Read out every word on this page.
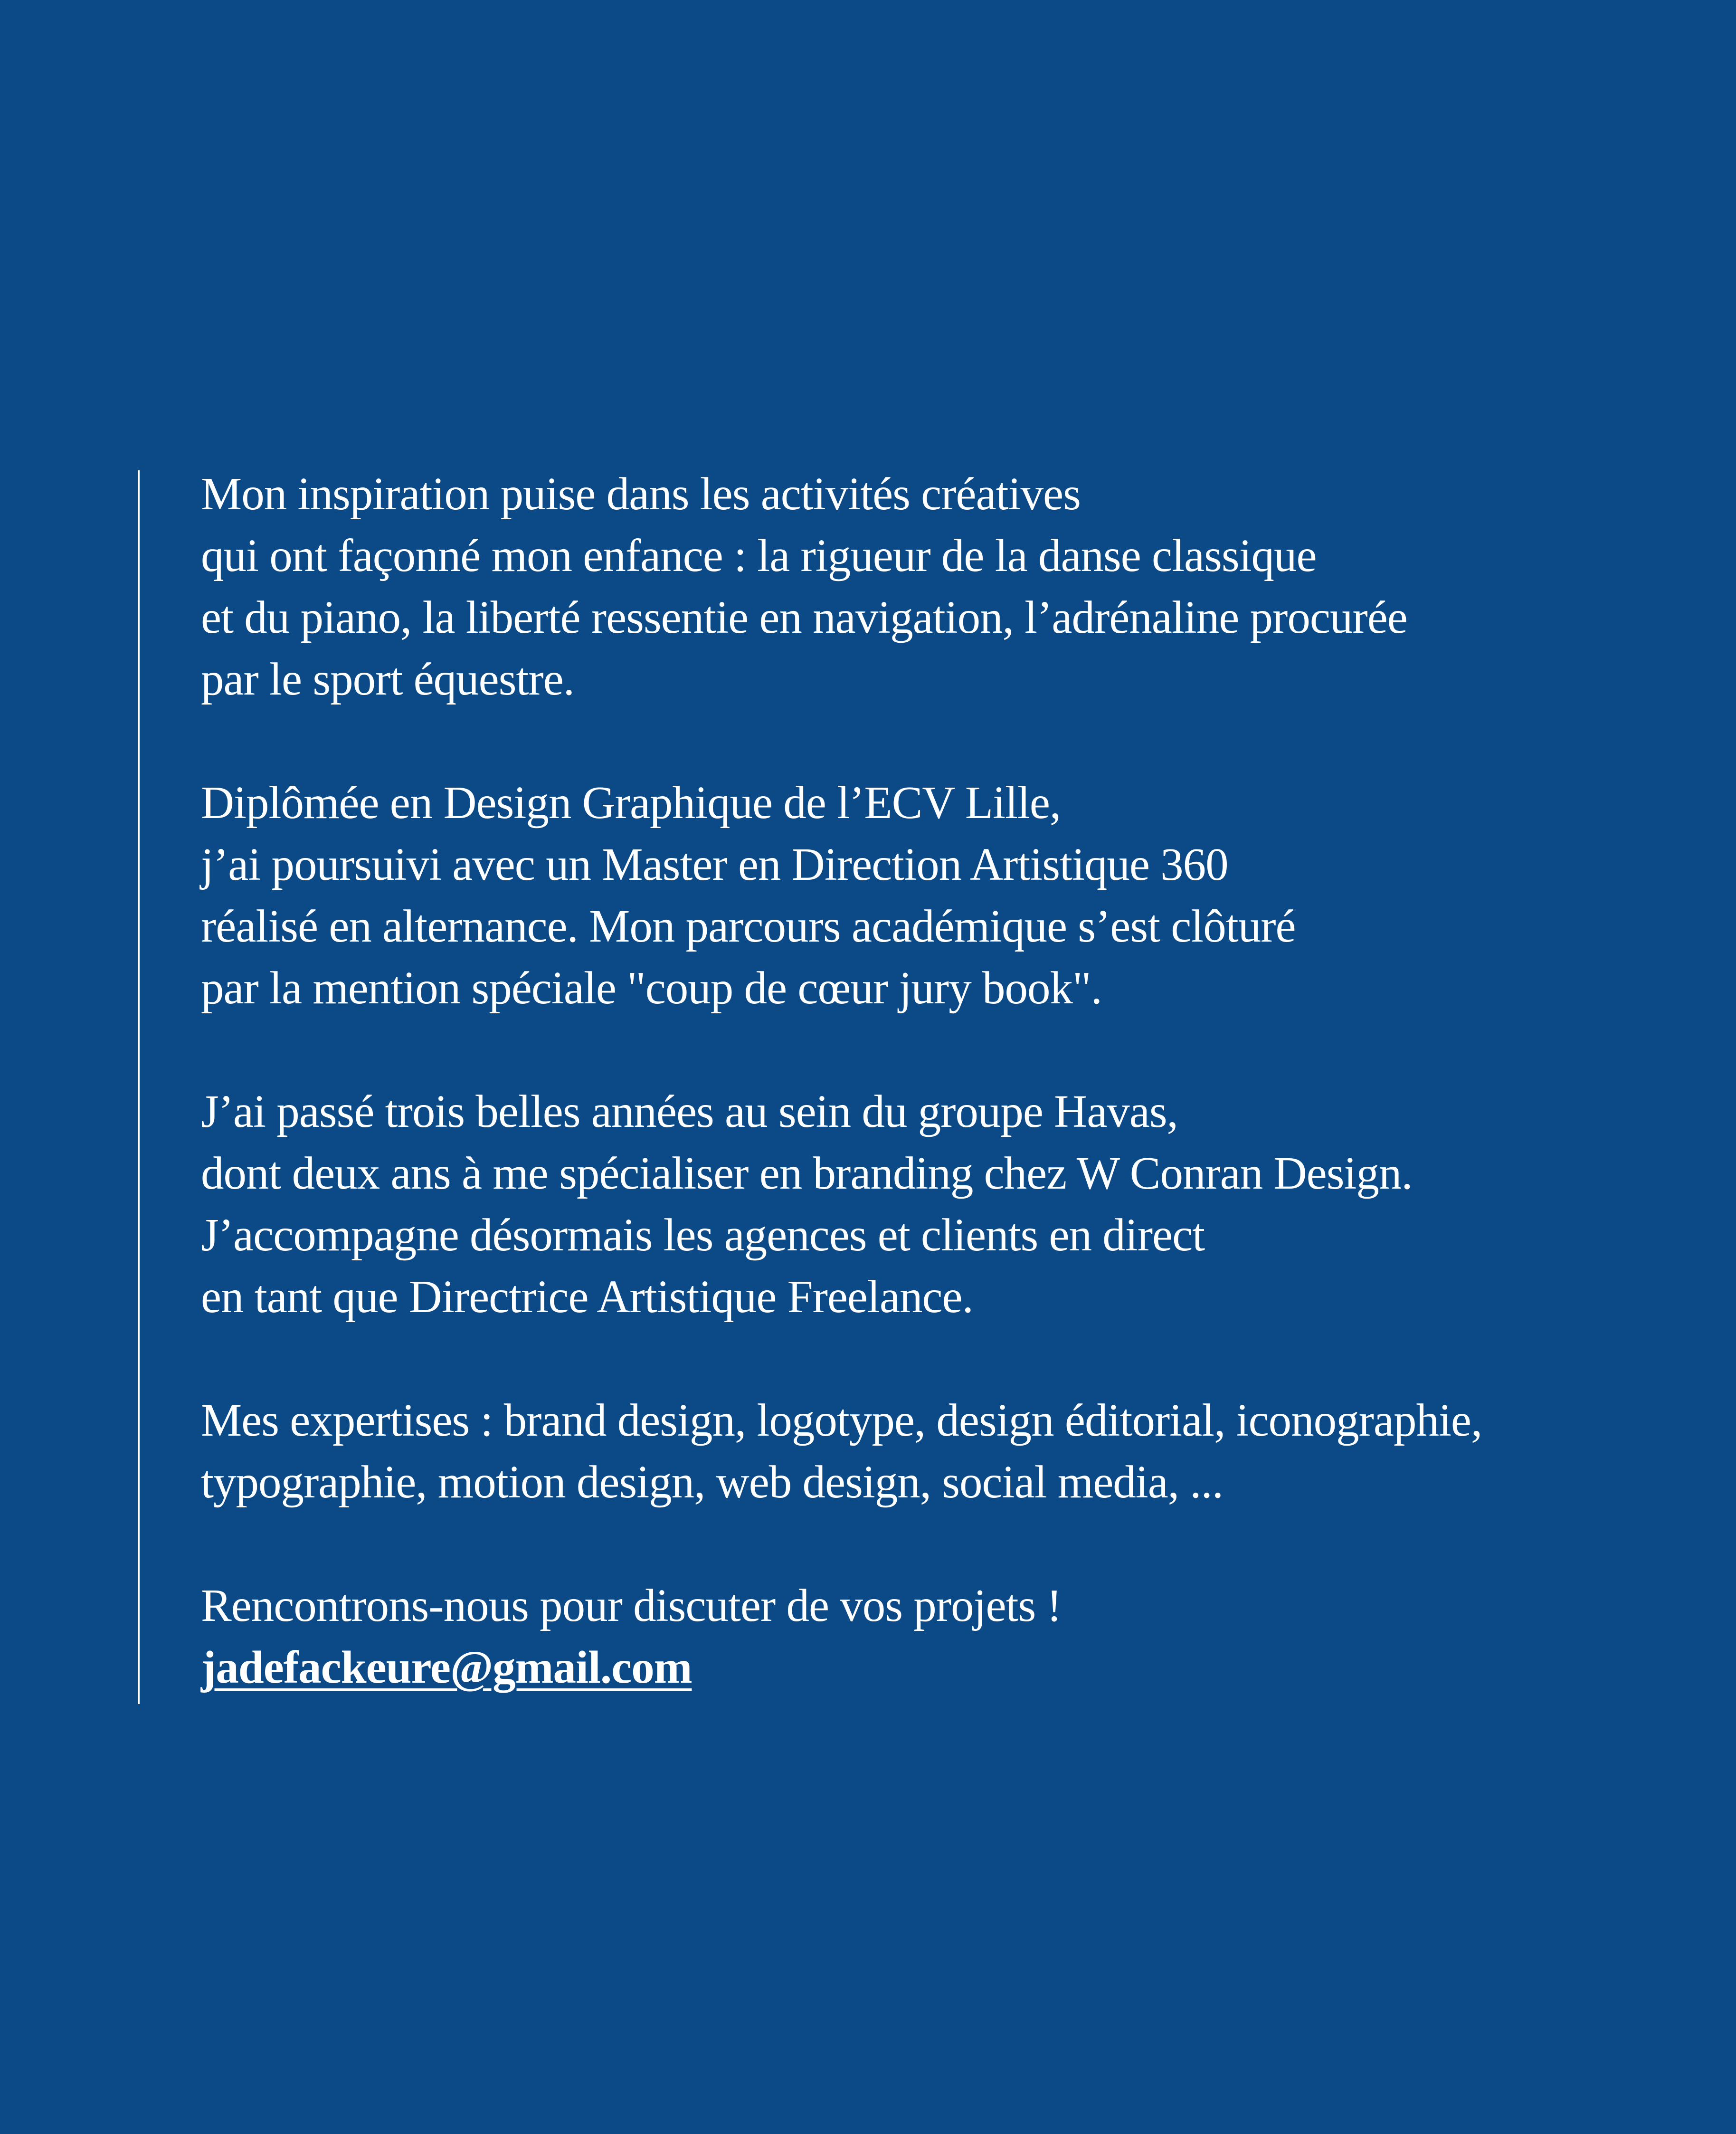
Mon inspiration puise dans les activités créatives
qui ont façonné mon enfance : la rigueur de la danse classique
et du piano, la liberté ressentie en navigation, l’adrénaline procurée
par le sport équestre.

Diplômée en Design Graphique de l’ECV Lille,
j’ai poursuivi avec un Master en Direction Artistique 360
réalisé en alternance. Mon parcours académique s’est clôturé
par la mention spéciale "coup de cœur jury book".

J’ai passé trois belles années au sein du groupe Havas,
dont deux ans à me spécialiser en branding chez W Conran Design.
J’accompagne désormais les agences et clients en direct
en tant que Directrice Artistique Freelance.

Mes expertises : brand design, logotype, design éditorial, iconographie,
typographie, motion design, web design, social media, ...

Rencontrons-nous pour discuter de vos projets !
jadefackeure@gmail.com
